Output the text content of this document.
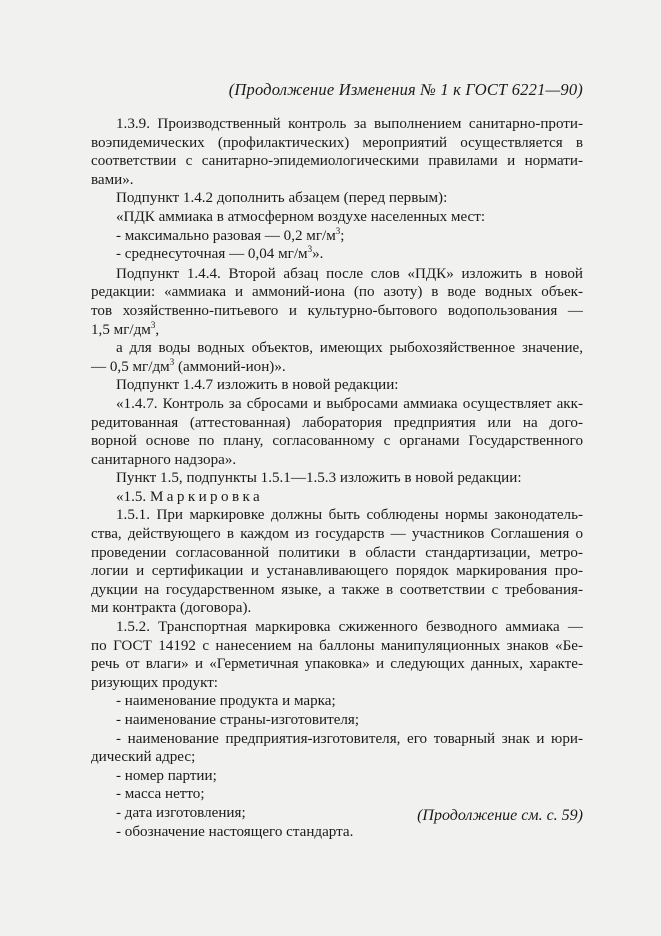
(Продолжение Изменения № 1 к ГОСТ 6221—90)
1.3.9. Производственный контроль за выполнением санитарно-проти-
воэпидемических (профилактических) мероприятий осуществляется в
соответствии с санитарно-эпидемиологическими правилами и нормати-
вами».
Подпункт 1.4.2 дополнить абзацем (перед первым):
«ПДК аммиака в атмосферном воздухе населенных мест:
- максимально разовая — 0,2 $мг/м^3$;
- среднесуточная — 0,04 $мг/м^3$».
Подпункт 1.4.4. Второй абзац после слов «ПДК» изложить в новой
редакции: «аммиака и аммоний-иона (по азоту) в воде водных объек-
тов хозяйственно-питьевого и культурно-бытового водопользования —
1,5 $мг/дм^3$,
а для воды водных объектов, имеющих рыбохозяйственное значение,
— 0,5 $мг/дм^3$ (аммоний-ион)».
Подпункт 1.4.7 изложить в новой редакции:
«1.4.7. Контроль за сбросами и выбросами аммиака осуществляет акк-
редитованная (аттестованная) лаборатория предприятия или на дого-
ворной основе по плану, согласованному с органами Государственного
санитарного надзора».
Пункт 1.5, подпункты 1.5.1—1.5.3 изложить в новой редакции:
«1.5. Маркировка
1.5.1. При маркировке должны быть соблюдены нормы законодатель-
ства, действующего в каждом из государств — участников Соглашения о
проведении согласованной политики в области стандартизации, метро-
логии и сертификации и устанавливающего порядок маркирования про-
дукции на государственном языке, а также в соответствии с требования-
ми контракта (договора).
1.5.2. Транспортная маркировка сжиженного безводного аммиака —
по ГОСТ 14192 с нанесением на баллоны манипуляционных знаков «Бе-
речь от влаги» и «Герметичная упаковка» и следующих данных, характе-
ризующих продукт:
- наименование продукта и марка;
- наименование страны-изготовителя;
- наименование предприятия-изготовителя, его товарный знак и юри-
дический адрес;
- номер партии;
- масса нетто;
- дата изготовления;
- обозначение настоящего стандарта.
(Продолжение см. с. 59)
